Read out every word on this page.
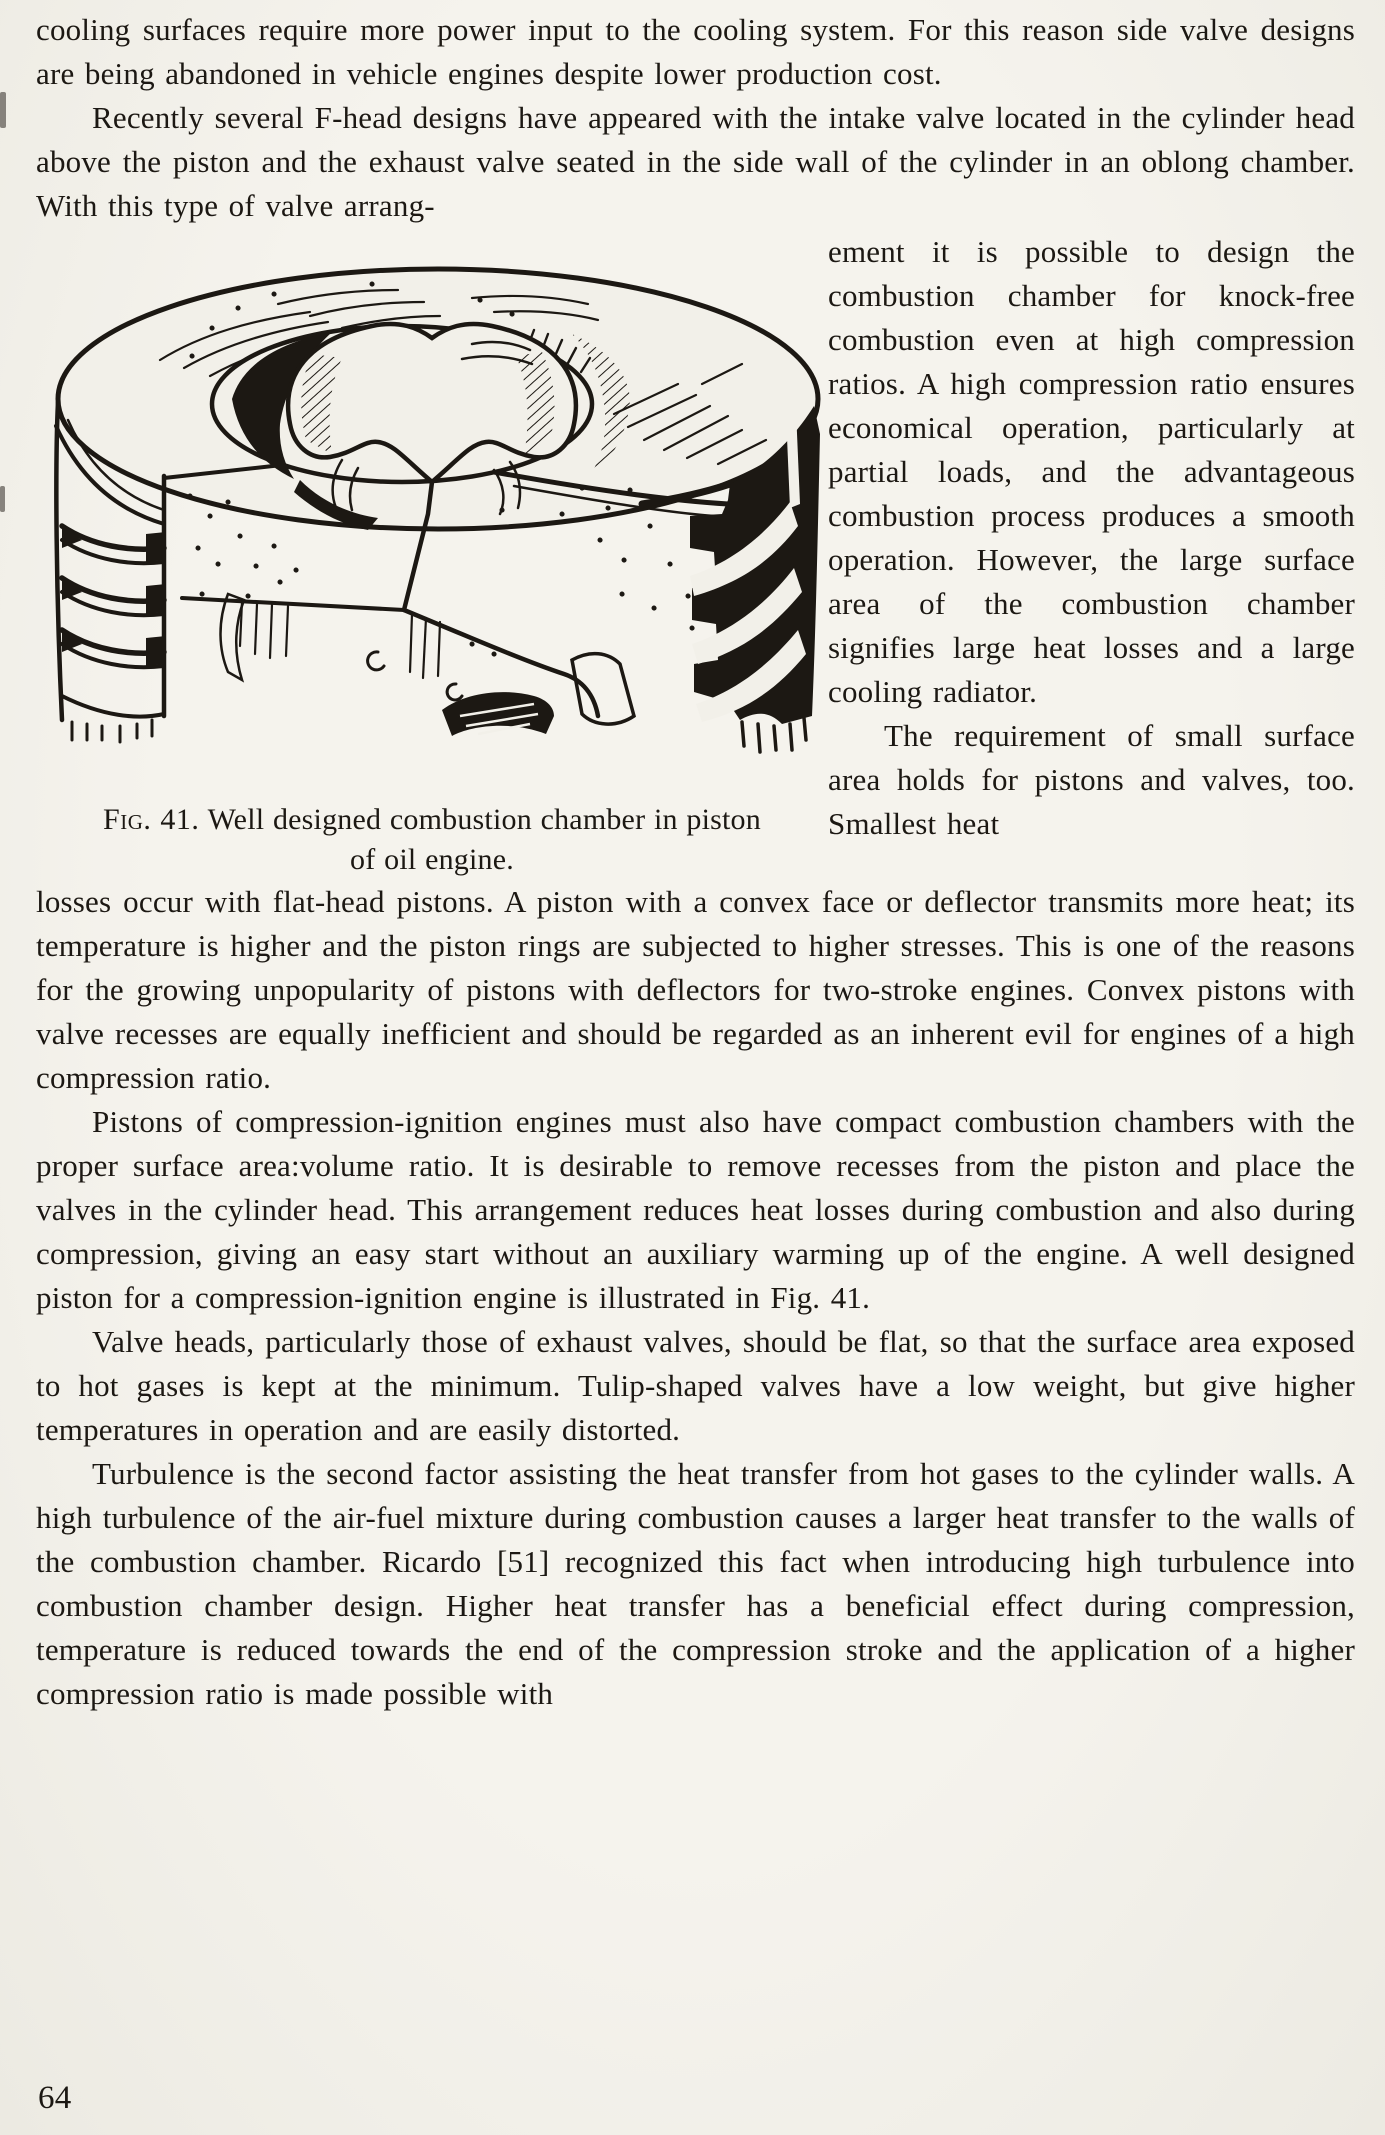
cooling surfaces require more power input to the cooling system. For this reason side valve designs are being abandoned in vehicle engines despite lower production cost.

Recently several F-head designs have appeared with the intake valve located in the cylinder head above the piston and the exhaust valve seated in the side wall of the cylinder in an oblong chamber. With this type of valve arrang-

Fig. 41. Well designed combustion chamber in piston of oil engine.

ement it is possible to design the combustion chamber for knock-free combustion even at high compression ratios. A high compression ratio ensures economical operation, particularly at partial loads, and the advantageous combustion process produces a smooth operation. However, the large surface area of the combustion chamber signifies large heat losses and a large cooling radiator.

The requirement of small surface area holds for pistons and valves, too. Smallest heat

losses occur with flat-head pistons. A piston with a convex face or deflector transmits more heat; its temperature is higher and the piston rings are subjected to higher stresses. This is one of the reasons for the growing unpopularity of pistons with deflectors for two-stroke engines. Convex pistons with valve recesses are equally inefficient and should be regarded as an inherent evil for engines of a high compression ratio.

Pistons of compression-ignition engines must also have compact combustion chambers with the proper surface area:volume ratio. It is desirable to remove recesses from the piston and place the valves in the cylinder head. This arrangement reduces heat losses during combustion and also during compression, giving an easy start without an auxiliary warming up of the engine. A well designed piston for a compression-ignition engine is illustrated in Fig. 41.

Valve heads, particularly those of exhaust valves, should be flat, so that the surface area exposed to hot gases is kept at the minimum. Tulip-shaped valves have a low weight, but give higher temperatures in operation and are easily distorted.

Turbulence is the second factor assisting the heat transfer from hot gases to the cylinder walls. A high turbulence of the air-fuel mixture during combustion causes a larger heat transfer to the walls of the combustion chamber. Ricardo [51] recognized this fact when introducing high turbulence into combustion chamber design. Higher heat transfer has a beneficial effect during compression, temperature is reduced towards the end of the compression stroke and the application of a higher compression ratio is made possible with

64
